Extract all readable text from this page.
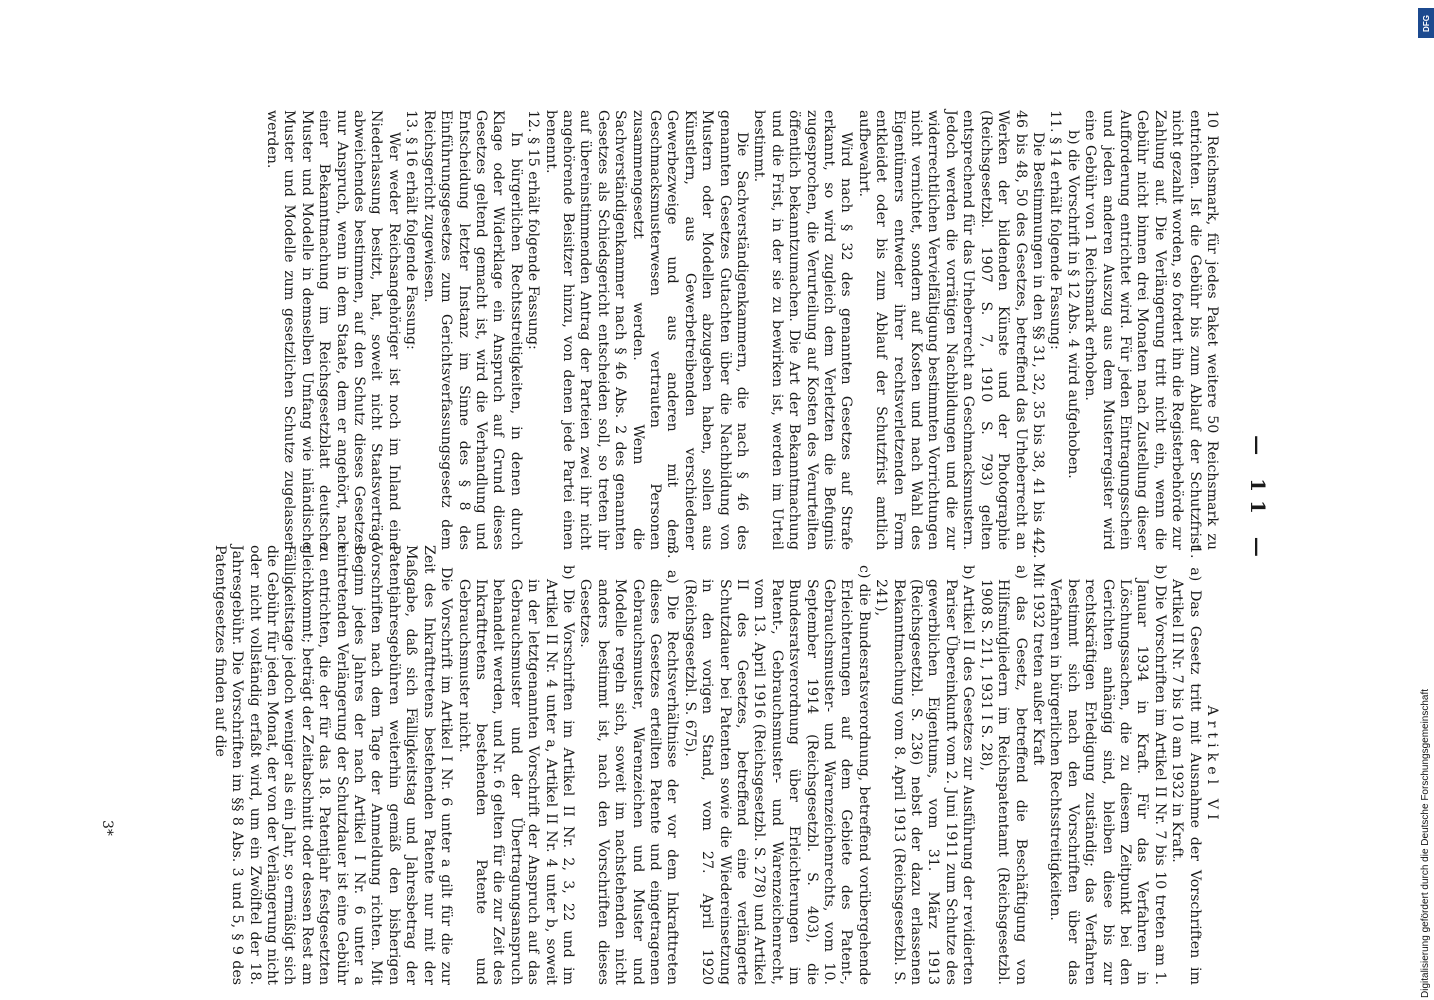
— 11 —

10 Reichsmark, für jedes Paket weitere 50 Reichsmark zu entrichten. Ist die Gebühr bis zum Ablauf der Schutzfrist nicht gezahlt worden, so fordert ihn die Registerbehörde zur Zahlung auf. Die Verlängerung tritt nicht ein, wenn die Gebühr nicht binnen drei Monaten nach Zustellung dieser Aufforderung entrichtet wird. Für jeden Eintragungsschein und jeden anderen Auszug aus dem Musterregister wird eine Gebühr von 1 Reichsmark erhoben.

b) die Vorschrift in § 12 Abs. 4 wird aufgehoben.

11. § 14 erhält folgende Fassung:

Die Bestimmungen in den §§ 31, 32, 35 bis 38, 41 bis 44, 46 bis 48, 50 des Gesetzes, betreffend das Urheberrecht an Werken der bildenden Künste und der Photographie (Reichsgesetzbl. 1907 S. 7, 1910 S. 793) gelten entsprechend für das Urheberrecht an Geschmacksmustern. Jedoch werden die vorrätigen Nachbildungen und die zur widerrechtlichen Vervielfältigung bestimmten Vorrichtungen nicht vernichtet, sondern auf Kosten und nach Wahl des Eigentümers entweder ihrer rechtsverletzenden Form entkleidet oder bis zum Ablauf der Schutzfrist amtlich aufbewahrt.

Wird nach § 32 des genannten Gesetzes auf Strafe erkannt, so wird zugleich dem Verletzten die Befugnis zugesprochen, die Verurteilung auf Kosten des Verurteilten öffentlich bekanntzumachen. Die Art der Bekanntmachung und die Frist, in der sie zu bewirken ist, werden im Urteil bestimmt.

Die Sachverständigenkammern, die nach § 46 des genannten Gesetzes Gutachten über die Nachbildung von Mustern oder Modellen abzugeben haben, sollen aus Künstlern, aus Gewerbetreibenden verschiedener Gewerbezweige und aus anderen mit dem Geschmacksmusterwesen vertrauten Personen zusammengesetzt werden. Wenn die Sachverständigenkammer nach § 46 Abs. 2 des genannten Gesetzes als Schiedsgericht entscheiden soll, so treten ihr auf übereinstimmenden Antrag der Parteien zwei ihr nicht angehörende Beisitzer hinzu, von denen jede Partei einen benennt.

12. § 15 erhält folgende Fassung:

In bürgerlichen Rechtsstreitigkeiten, in denen durch Klage oder Widerklage ein Anspruch auf Grund dieses Gesetzes geltend gemacht ist, wird die Verhandlung und Entscheidung letzter Instanz im Sinne des § 8 des Einführungsgesetzes zum Gerichtsverfassungsgesetz dem Reichsgericht zugewiesen.

13. § 16 erhält folgende Fassung:

Wer weder Reichsangehöriger ist noch im Inland eine Niederlassung besitzt, hat, soweit nicht Staatsverträge abweichendes bestimmen, auf den Schutz dieses Gesetzes nur Anspruch, wenn in dem Staate, dem er angehört, nach einer Bekanntmachung im Reichsgesetzblatt deutsche Muster und Modelle in demselben Umfang wie inländische Muster und Modelle zum gesetzlichen Schutze zugelassen werden.

Artikel VI

1. a) Das Gesetz tritt mit Ausnahme der Vorschriften im Artikel II Nr. 7 bis 10 am 1932 in Kraft.

b) Die Vorschriften im Artikel II Nr. 7 bis 10 treten am 1. Januar 1934 in Kraft. Für das Verfahren in Löschungssachen, die zu diesem Zeitpunkt bei den Gerichten anhängig sind, bleiben diese bis zur rechtskräftigen Erledigung zuständig; das Verfahren bestimmt sich nach den Vorschriften über das Verfahren in bürgerlichen Rechtsstreitigkeiten.

2. Mit 1932 treten außer Kraft

a) das Gesetz, betreffend die Beschäftigung von Hilfsmitgliedern im Reichspatentamt (Reichsgesetzbl. 1908 S. 211, 1931 I S. 28),

b) Artikel II des Gesetzes zur Ausführung der revidierten Pariser Übereinkunft vom 2. Juni 1911 zum Schutze des gewerblichen Eigentums, vom 31. März 1913 (Reichsgesetzbl. S. 236) nebst der dazu erlassenen Bekanntmachung vom 8. April 1913 (Reichsgesetzbl. S. 241),

c) die Bundesratsverordnung, betreffend vorübergehende Erleichterungen auf dem Gebiete des Patent-, Gebrauchsmuster- und Warenzeichenrechts, vom 10. September 1914 (Reichsgesetzbl. S. 403), die Bundesratsverordnung über Erleichterungen im Patent-, Gebrauchsmuster- und Warenzeichenrecht, vom 13. April 1916 (Reichsgesetzbl. S. 278) und Artikel II des Gesetzes, betreffend eine verlängerte Schutzdauer bei Patenten sowie die Wiedereinsetzung in den vorigen Stand, vom 27. April 1920 (Reichsgesetzbl. S. 675).

3. a) Die Rechtsverhältnisse der vor dem Inkrafttreten dieses Gesetzes erteilten Patente und eingetragenen Gebrauchsmuster, Warenzeichen und Muster und Modelle regeln sich, soweit im nachstehenden nicht anders bestimmt ist, nach den Vorschriften dieses Gesetzes.

b) Die Vorschriften im Artikel II Nr. 2, 3, 22 und im Artikel II Nr. 4 unter a, Artikel II Nr. 4 unter b, soweit in der letztgenannten Vorschrift der Anspruch auf das Gebrauchsmuster und der Übertragungsanspruch behandelt werden, und Nr. 6 gelten für die zur Zeit des Inkrafttretens bestehenden Patente und Gebrauchsmuster nicht.

Die Vorschrift im Artikel I Nr. 6 unter a gilt für die zur Zeit des Inkrafttretens bestehenden Patente nur mit der Maßgabe, daß sich Fälligkeitstag und Jahresbetrag der Patentjahresgebühren weiterhin gemäß den bisherigen Vorschriften nach dem Tage der Anmeldung richten. Mit Beginn jedes Jahres der nach Artikel I Nr. 6 unter a eintretenden Verlängerung der Schutzdauer ist eine Gebühr zu entrichten, die der für das 18. Patentjahr festgesetzten gleichkommt; beträgt der Zeitabschnitt oder dessen Rest am Fälligkeitstage jedoch weniger als ein Jahr, so ermäßigt sich die Gebühr für jeden Monat, der von der Verlängerung nicht oder nicht vollständig erfaßt wird, um ein Zwölftel der 18. Jahresgebühr. Die Vorschriften im §§ 8 Abs. 3 und 5, § 9 des Patentgesetzes finden auf die

3*
DFG
Digitalisierung gefördert durch die Deutsche Forschungsgemeinschaft
